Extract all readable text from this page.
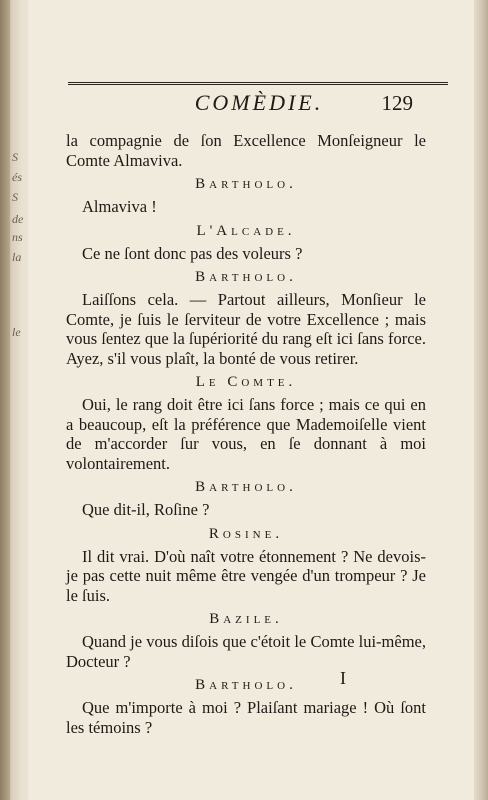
S
és
S
de
ns
la
le
COMÈDIE.	129

la compagnie de ſon Excellence Monſeigneur le Comte Almaviva.

Bartholo.

Almaviva !

L'Alcade.

Ce ne ſont donc pas des voleurs ?

Bartholo.

Laiſſons cela. — Partout ailleurs, Monſieur le Comte, je ſuis le ſerviteur de votre Excellence ; mais vous ſentez que la ſupériorité du rang eſt ici ſans force. Ayez, s'il vous plaît, la bonté de vous retirer.

Le Comte.

Oui, le rang doit être ici ſans force ; mais ce qui en a beaucoup, eſt la préférence que Mademoiſelle vient de m'accorder ſur vous, en ſe donnant à moi volontairement.

Bartholo.

Que dit-il, Roſine ?

Rosine.

Il dit vrai. D'où naît votre étonnement ? Ne devois-je pas cette nuit même être vengée d'un trompeur ? Je le ſuis.

Bazile.

Quand je vous diſois que c'étoit le Comte lui-même, Docteur ?

Bartholo.

Que m'importe à moi ? Plaiſant mariage ! Où ſont les témoins ?

I
